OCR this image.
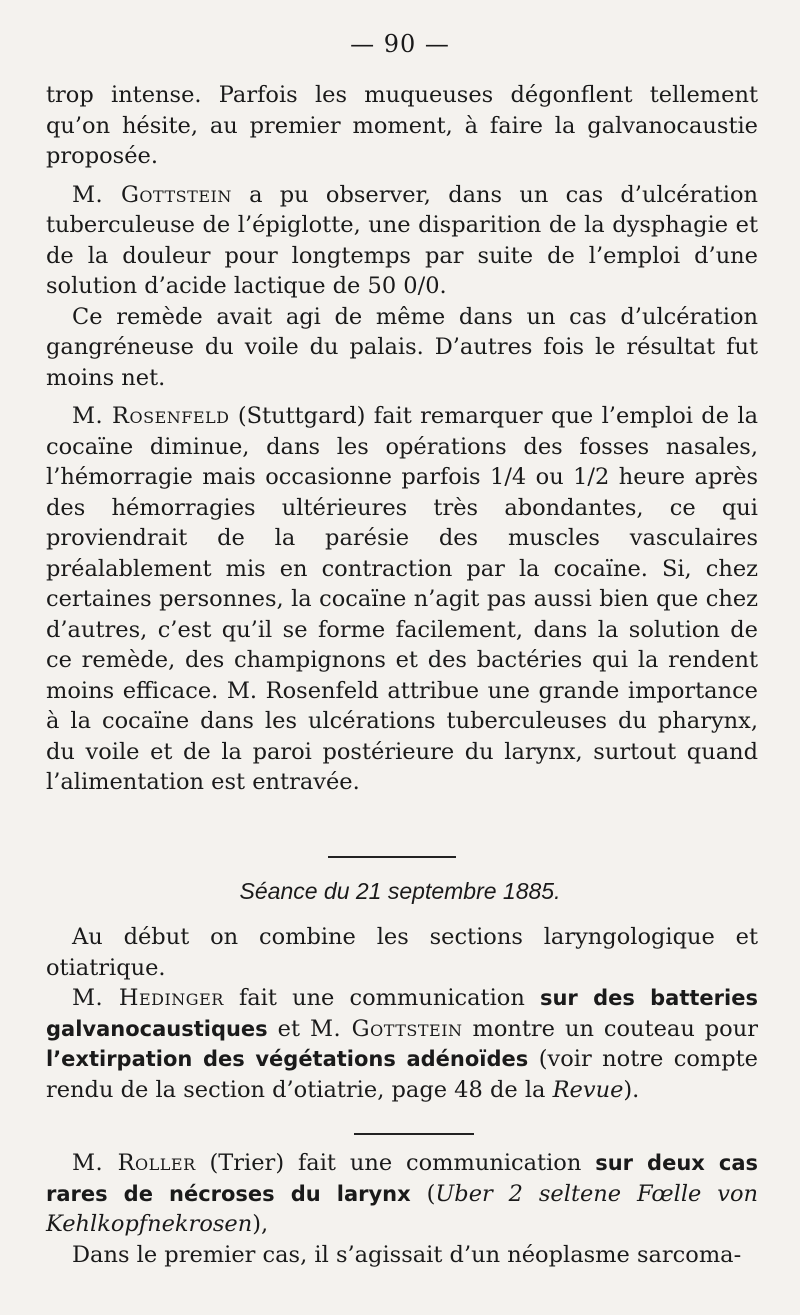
— 90 —

trop intense. Parfois les muqueuses dégonflent tellement qu’on hésite, au premier moment, à faire la galvanocaustie proposée.

M. Gottstein a pu observer, dans un cas d’ulcération tuberculeuse de l’épiglotte, une disparition de la dysphagie et de la douleur pour longtemps par suite de l’emploi d’une solution d’acide lactique de 50 0/0.

Ce remède avait agi de même dans un cas d’ulcération gangréneuse du voile du palais. D’autres fois le résultat fut moins net.

M. Rosenfeld (Stuttgard) fait remarquer que l’emploi de la cocaïne diminue, dans les opérations des fosses nasales, l’hémorragie mais occasionne parfois 1/4 ou 1/2 heure après des hémorragies ultérieures très abondantes, ce qui proviendrait de la parésie des muscles vasculaires préalablement mis en contraction par la cocaïne. Si, chez certaines personnes, la cocaïne n’agit pas aussi bien que chez d’autres, c’est qu’il se forme facilement, dans la solution de ce remède, des champignons et des bactéries qui la rendent moins efficace. M. Rosenfeld attribue une grande importance à la cocaïne dans les ulcérations tuberculeuses du pharynx, du voile et de la paroi postérieure du larynx, surtout quand l’alimentation est entravée.

Séance du 21 septembre 1885.

Au début on combine les sections laryngologique et otiatrique.

M. Hedinger fait une communication sur des batteries galvanocaustiques et M. Gottstein montre un couteau pour l’extirpation des végétations adénoïdes (voir notre compte rendu de la section d’otiatrie, page 48 de la Revue).

M. Roller (Trier) fait une communication sur deux cas rares de nécroses du larynx (Uber 2 seltene Fœlle von Kehlkopfnekrosen),

Dans le premier cas, il s’agissait d’un néoplasme sarcoma-
